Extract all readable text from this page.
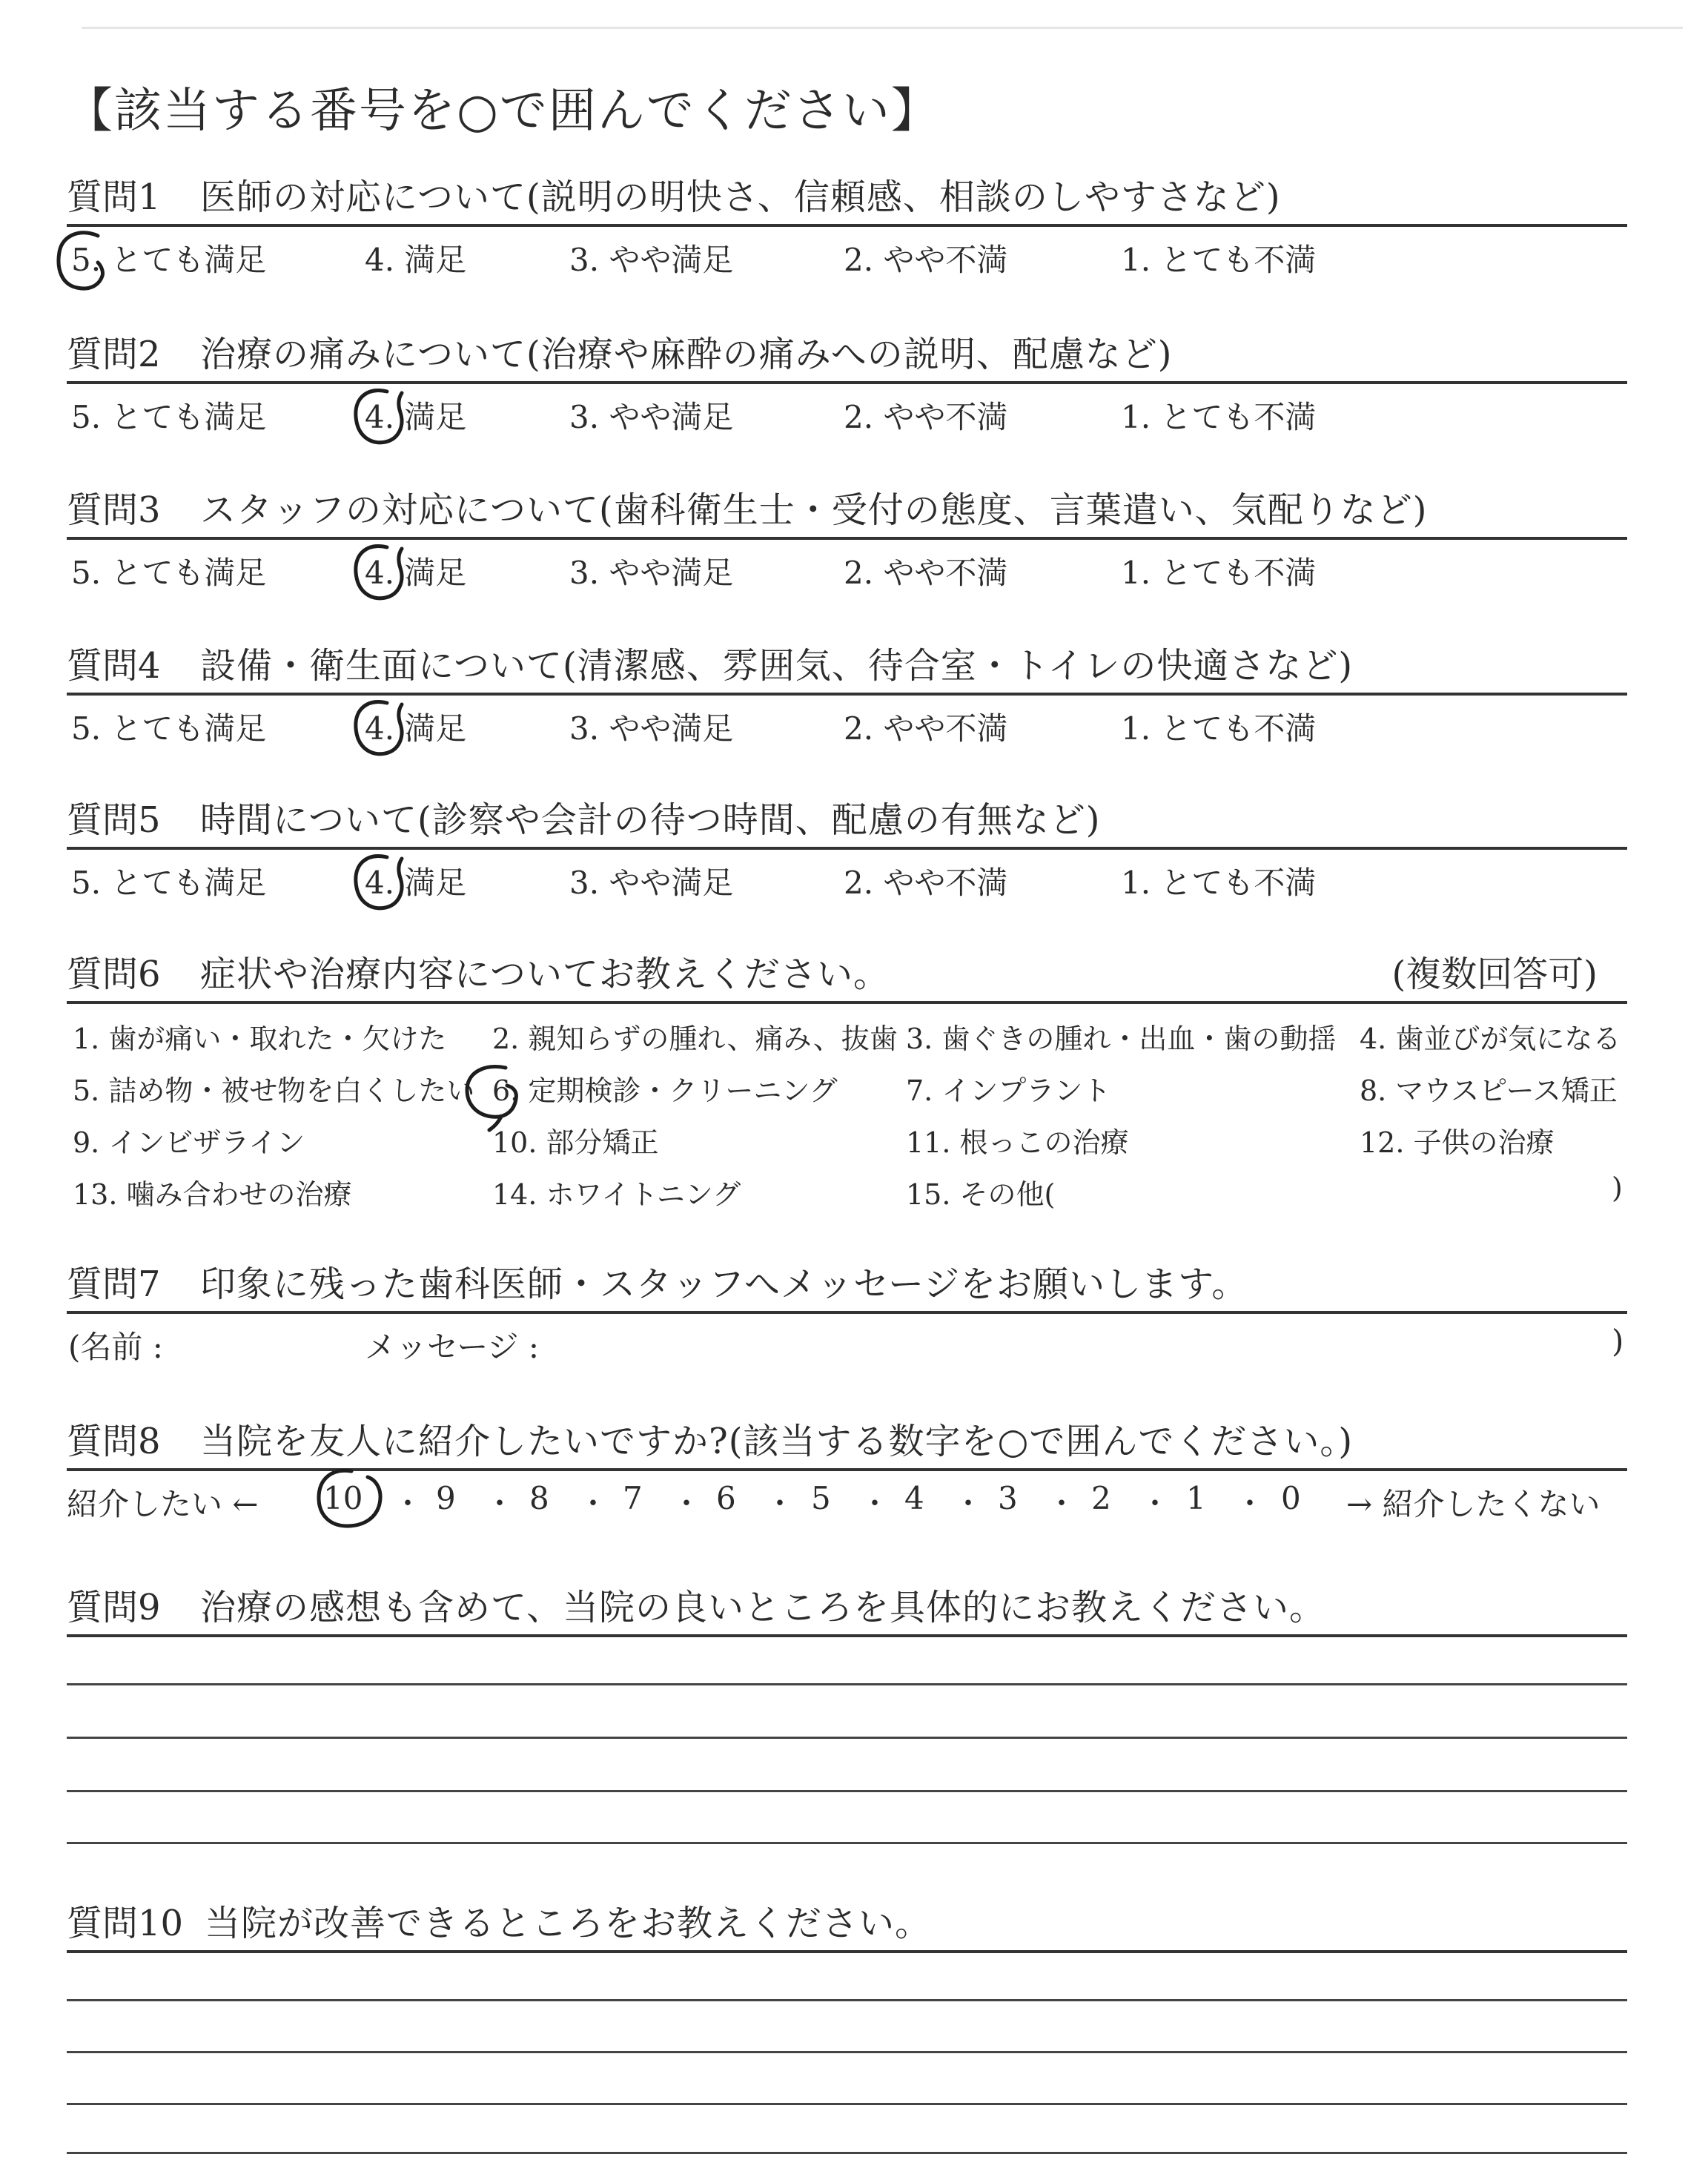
【該当する番号を○で囲んでください】
質問1 医師の対応について(説明の明快さ、信頼感、相談のしやすさなど)
5. とても満足	4. 満足	3. やや満足	2. やや不満	1. とても不満
質問2 治療の痛みについて(治療や麻酔の痛みへの説明、配慮など)
5. とても満足	4. 満足	3. やや満足	2. やや不満	1. とても不満
質問3 スタッフの対応について(歯科衛生士・受付の態度、言葉遣い、気配りなど)
5. とても満足	4. 満足	3. やや満足	2. やや不満	1. とても不満
質問4 設備・衛生面について(清潔感、雰囲気、待合室・トイレの快適さなど)
5. とても満足	4. 満足	3. やや満足	2. やや不満	1. とても不満
質問5 時間について(診察や会計の待つ時間、配慮の有無など)
5. とても満足	4. 満足	3. やや満足	2. やや不満	1. とても不満
質問6 症状や治療内容についてお教えください。	(複数回答可)
1. 歯が痛い・取れた・欠けた 2. 親知らずの腫れ、痛み、抜歯 3. 歯ぐきの腫れ・出血・歯の動揺 4. 歯並びが気になる
5. 詰め物・被せ物を白くしたい 6. 定期検診・クリーニング 7. インプラント	8. マウスピース矯正
9. インビザライン	10. 部分矯正	11. 根っこの治療	12. 子供の治療
13. 噛み合わせの治療	14. ホワイトニング	15. その他(	)
質問7 印象に残った歯科医師・スタッフへメッセージをお願いします。
(名前 :	メッセージ :	)
質問8 当院を友人に紹介したいですか?(該当する数字を○で囲んでください。)
紹介したい ←	→ 紹介したくない
10 ・ 9 ・ 8 ・ 7 ・ 6 ・ 5 ・ 4 ・ 3 ・ 2 ・ 1 ・ 0
質問9 治療の感想も含めて、当院の良いところを具体的にお教えください。
質問10 当院が改善できるところをお教えください。
